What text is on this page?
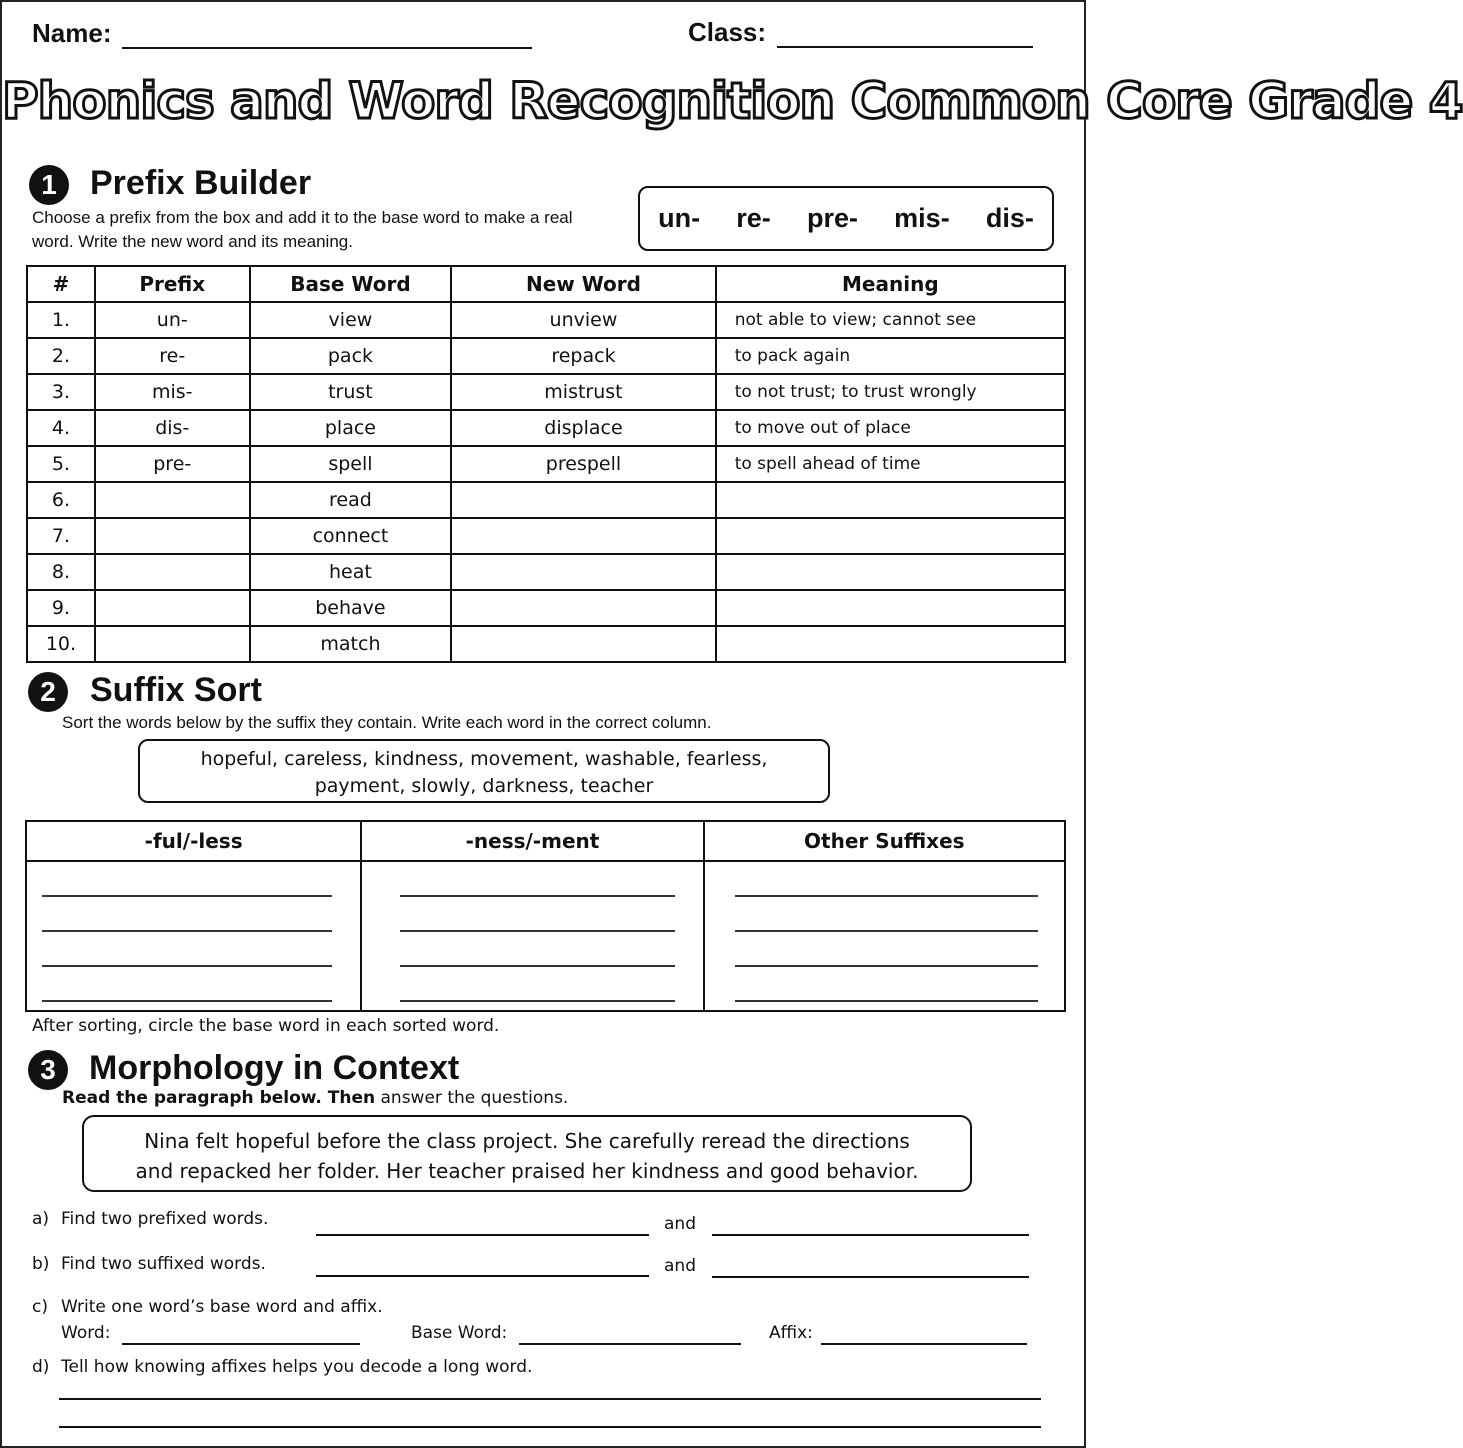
Name:	Class:
Phonics and Word Recognition Common Core Grade 4
1 Prefix Builder
Choose a prefix from the box and add it to the base word to make a real
word. Write the new word and its meaning.
un- re- pre- mis- dis-
#	Prefix	Base Word	New Word	Meaning
1.	un-	view	unview	not able to view; cannot see
2.	re-	pack	repack	to pack again
3.	mis-	trust	mistrust	to not trust; to trust wrongly
4.	dis-	place	displace	to move out of place
5.	pre-	spell	prespell	to spell ahead of time
6.		read		
7.		connect		
8.		heat		
9.		behave		
10.		match		
2	Suffix Sort
Sort the words below by the suffix they contain. Write each word in the correct column.
hopeful, careless, kindness, movement, washable, fearless,
payment, slowly, darkness, teacher
-ful/-less	-ness/-ment	Other Suffixes

After sorting, circle the base word in each sorted word.
3 Morphology in Context
Read the paragraph below. Then answer the questions.
Nina felt hopeful before the class project. She carefully reread the directions
and repacked her folder. Her teacher praised her kindness and good behavior.
a) Find two prefixed words.	and
b) Find two suffixed words.	and
c) Write one word’s base word and affix.
Word:	Base Word:	Affix:
d) Tell how knowing affixes helps you decode a long word.
